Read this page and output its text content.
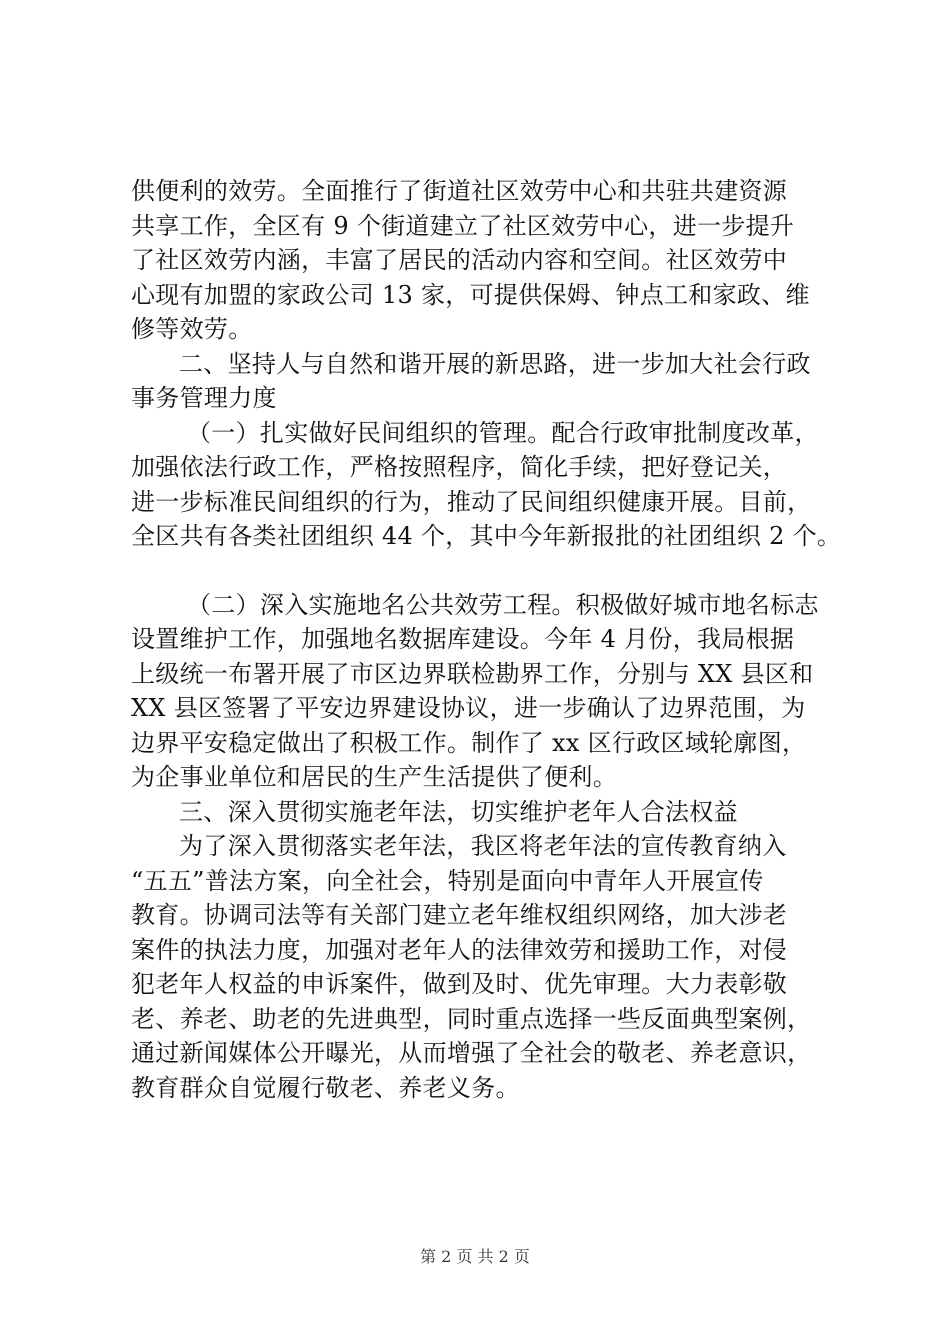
供便利的效劳。全面推行了街道社区效劳中心和共驻共建资源
共享工作，全区有 9 个街道建立了社区效劳中心，进一步提升
了社区效劳内涵，丰富了居民的活动内容和空间。社区效劳中
心现有加盟的家政公司 13 家，可提供保姆、钟点工和家政、维
修等效劳。
二、坚持人与自然和谐开展的新思路，进一步加大社会行政
事务管理力度
（一）扎实做好民间组织的管理。配合行政审批制度改革，
加强依法行政工作，严格按照程序，简化手续，把好登记关，
进一步标准民间组织的行为，推动了民间组织健康开展。目前，
全区共有各类社团组织 44 个，其中今年新报批的社团组织 2 个。
（二）深入实施地名公共效劳工程。积极做好城市地名标志
设置维护工作，加强地名数据库建设。今年 4 月份，我局根据
上级统一布署开展了市区边界联检勘界工作，分别与 XX 县区和
XX 县区签署了平安边界建设协议，进一步确认了边界范围，为
边界平安稳定做出了积极工作。制作了 xx 区行政区域轮廓图，
为企事业单位和居民的生产生活提供了便利。
三、深入贯彻实施老年法，切实维护老年人合法权益
为了深入贯彻落实老年法，我区将老年法的宣传教育纳入
“五五”普法方案，向全社会，特别是面向中青年人开展宣传
教育。协调司法等有关部门建立老年维权组织网络，加大涉老
案件的执法力度，加强对老年人的法律效劳和援助工作，对侵
犯老年人权益的申诉案件，做到及时、优先审理。大力表彰敬
老、养老、助老的先进典型，同时重点选择一些反面典型案例，
通过新闻媒体公开曝光，从而增强了全社会的敬老、养老意识，
教育群众自觉履行敬老、养老义务。
第 2 页 共 2 页
